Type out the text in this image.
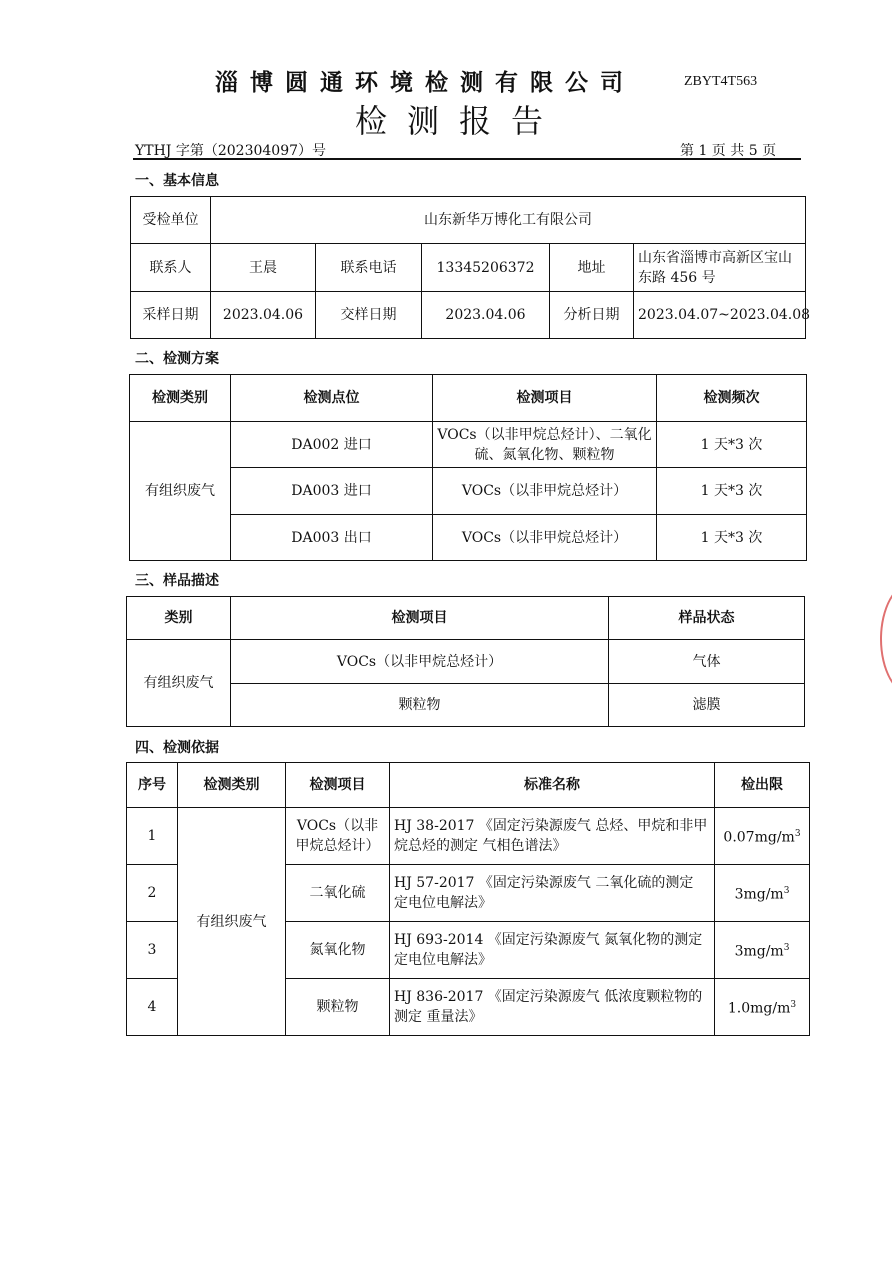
淄博圆通环境检测有限公司	ZBYT4T563
检测报告
YTHJ 字第（202304097）号	第 1 页 共 5 页
一、基本信息
受检单位	山东新华万博化工有限公司				
联系人	王晨	联系电话	13345206372	地址	山东省淄博市高新区宝山东路 456 号
采样日期	2023.04.06	交样日期	2023.04.06	分析日期	2023.04.07~2023.04.08
二、检测方案
检测类别	检测点位	检测项目	检测频次
有组织废气	DA002 进口	VOCs（以非甲烷总烃计）、二氧化硫、氮氧化物、颗粒物	1 天*3 次
	DA003 进口	VOCs（以非甲烷总烃计）	1 天*3 次
	DA003 出口	VOCs（以非甲烷总烃计）	1 天*3 次
三、样品描述
类别	检测项目	样品状态
有组织废气	VOCs（以非甲烷总烃计）	气体
	颗粒物	滤膜
四、检测依据
序号	检测类别	检测项目	标准名称	检出限
1	有组织废气	VOCs（以非甲烷总烃计）	HJ 38-2017 《固定污染源废气 总烃、甲烷和非甲烷总烃的测定 气相色谱法》	$0.07mg/m^3$
2		二氧化硫	HJ 57-2017 《固定污染源废气 二氧化硫的测定 定电位电解法》	$3mg/m^3$
3		氮氧化物	HJ 693-2014 《固定污染源废气 氮氧化物的测定 定电位电解法》	$3mg/m^3$
4		颗粒物	HJ 836-2017 《固定污染源废气 低浓度颗粒物的测定 重量法》	$1.0mg/m^3$
